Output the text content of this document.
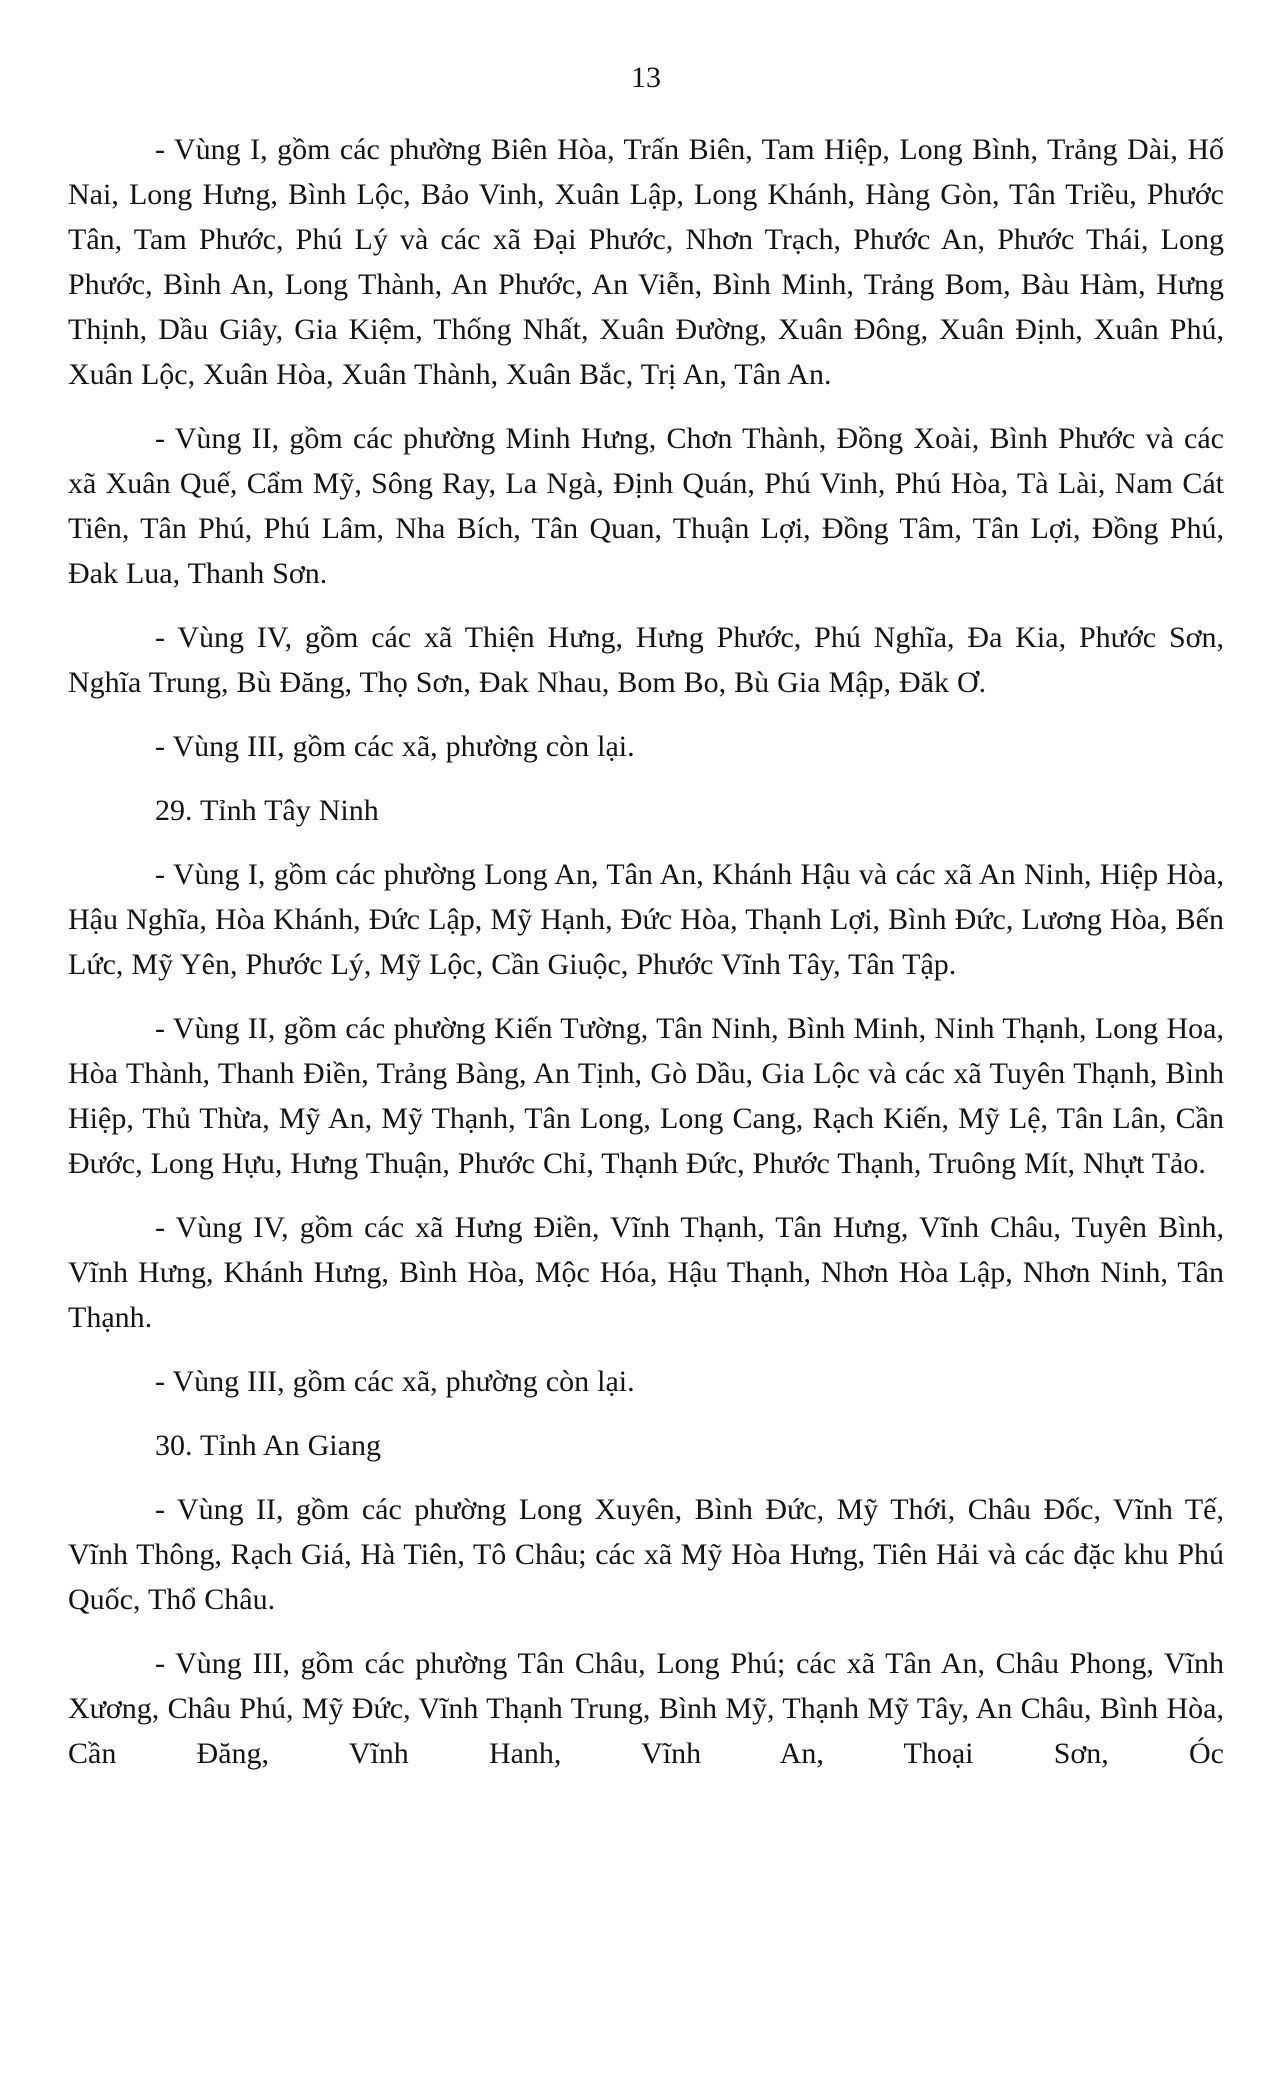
13

- Vùng I, gồm các phường Biên Hòa, Trấn Biên, Tam Hiệp, Long Bình, Trảng Dài, Hố Nai, Long Hưng, Bình Lộc, Bảo Vinh, Xuân Lập, Long Khánh, Hàng Gòn, Tân Triều, Phước Tân, Tam Phước, Phú Lý và các xã Đại Phước, Nhơn Trạch, Phước An, Phước Thái, Long Phước, Bình An, Long Thành, An Phước, An Viễn, Bình Minh, Trảng Bom, Bàu Hàm, Hưng Thịnh, Dầu Giây, Gia Kiệm, Thống Nhất, Xuân Đường, Xuân Đông, Xuân Định, Xuân Phú, Xuân Lộc, Xuân Hòa, Xuân Thành, Xuân Bắc, Trị An, Tân An.

- Vùng II, gồm các phường Minh Hưng, Chơn Thành, Đồng Xoài, Bình Phước và các xã Xuân Quế, Cẩm Mỹ, Sông Ray, La Ngà, Định Quán, Phú Vinh, Phú Hòa, Tà Lài, Nam Cát Tiên, Tân Phú, Phú Lâm, Nha Bích, Tân Quan, Thuận Lợi, Đồng Tâm, Tân Lợi, Đồng Phú, Đak Lua, Thanh Sơn.

- Vùng IV, gồm các xã Thiện Hưng, Hưng Phước, Phú Nghĩa, Đa Kia, Phước Sơn, Nghĩa Trung, Bù Đăng, Thọ Sơn, Đak Nhau, Bom Bo, Bù Gia Mập, Đăk Ơ.

- Vùng III, gồm các xã, phường còn lại.

29. Tỉnh Tây Ninh

- Vùng I, gồm các phường Long An, Tân An, Khánh Hậu và các xã An Ninh, Hiệp Hòa, Hậu Nghĩa, Hòa Khánh, Đức Lập, Mỹ Hạnh, Đức Hòa, Thạnh Lợi, Bình Đức, Lương Hòa, Bến Lức, Mỹ Yên, Phước Lý, Mỹ Lộc, Cần Giuộc, Phước Vĩnh Tây, Tân Tập.

- Vùng II, gồm các phường Kiến Tường, Tân Ninh, Bình Minh, Ninh Thạnh, Long Hoa, Hòa Thành, Thanh Điền, Trảng Bàng, An Tịnh, Gò Dầu, Gia Lộc và các xã Tuyên Thạnh, Bình Hiệp, Thủ Thừa, Mỹ An, Mỹ Thạnh, Tân Long, Long Cang, Rạch Kiến, Mỹ Lệ, Tân Lân, Cần Đước, Long Hựu, Hưng Thuận, Phước Chỉ, Thạnh Đức, Phước Thạnh, Truông Mít, Nhựt Tảo.

- Vùng IV, gồm các xã Hưng Điền, Vĩnh Thạnh, Tân Hưng, Vĩnh Châu, Tuyên Bình, Vĩnh Hưng, Khánh Hưng, Bình Hòa, Mộc Hóa, Hậu Thạnh, Nhơn Hòa Lập, Nhơn Ninh, Tân Thạnh.

- Vùng III, gồm các xã, phường còn lại.

30. Tỉnh An Giang

- Vùng II, gồm các phường Long Xuyên, Bình Đức, Mỹ Thới, Châu Đốc, Vĩnh Tế, Vĩnh Thông, Rạch Giá, Hà Tiên, Tô Châu; các xã Mỹ Hòa Hưng, Tiên Hải và các đặc khu Phú Quốc, Thổ Châu.

- Vùng III, gồm các phường Tân Châu, Long Phú; các xã Tân An, Châu Phong, Vĩnh Xương, Châu Phú, Mỹ Đức, Vĩnh Thạnh Trung, Bình Mỹ, Thạnh Mỹ Tây, An Châu, Bình Hòa, Cần Đăng, Vĩnh Hanh, Vĩnh An, Thoại Sơn, Óc
